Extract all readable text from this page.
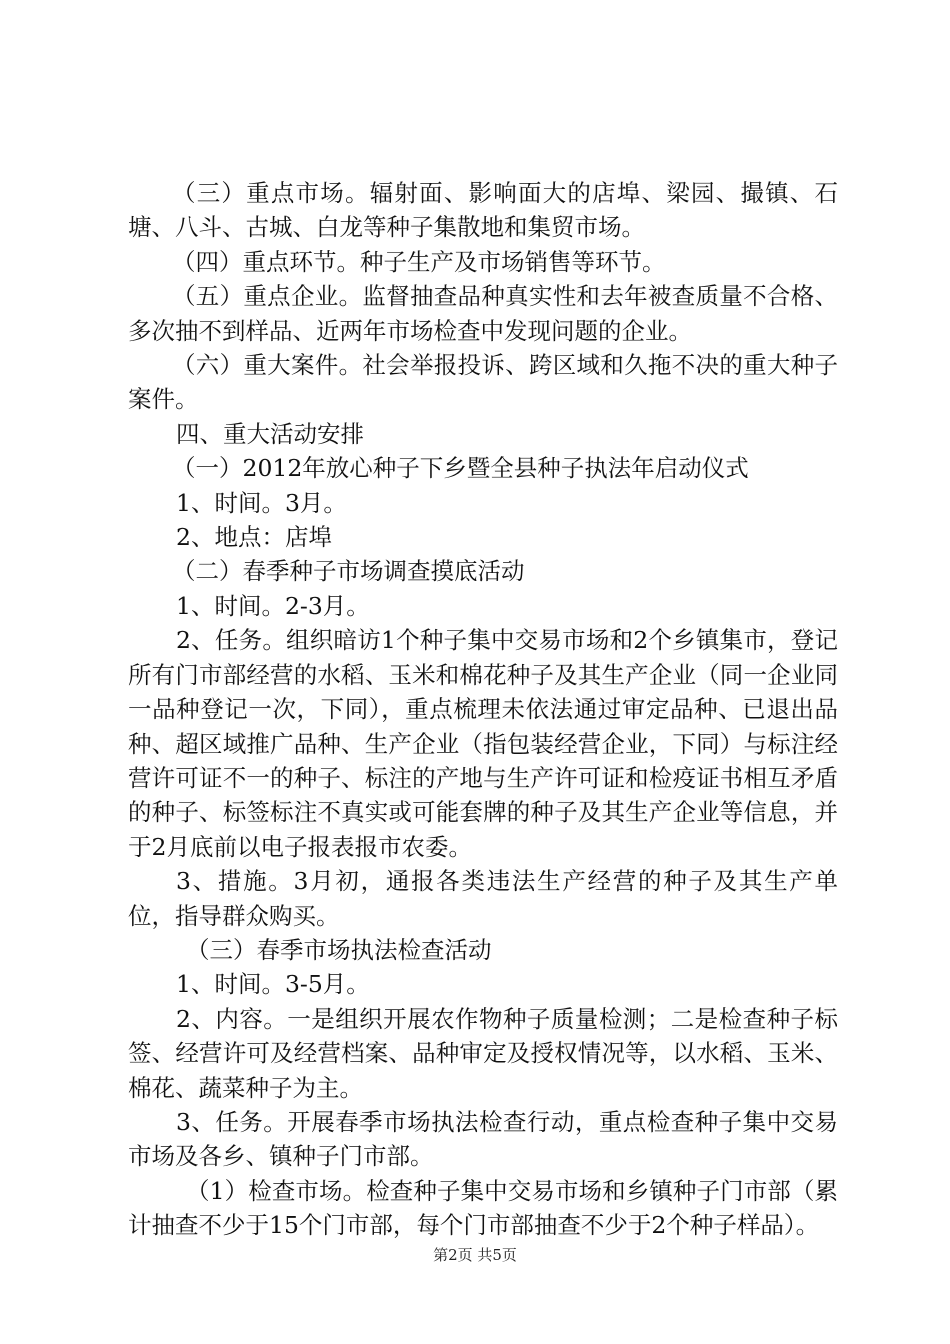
（三）重点市场。辐射面、影响面大的店埠、梁园、撮镇、石塘、八斗、古城、白龙等种子集散地和集贸市场。

（四）重点环节。种子生产及市场销售等环节。

（五）重点企业。监督抽查品种真实性和去年被查质量不合格、多次抽不到样品、近两年市场检查中发现问题的企业。

（六）重大案件。社会举报投诉、跨区域和久拖不决的重大种子案件。

四、重大活动安排

（一）2012年放心种子下乡暨全县种子执法年启动仪式

1、时间。3月。

2、地点：店埠

（二）春季种子市场调查摸底活动

1、时间。2-3月。

2、任务。组织暗访1个种子集中交易市场和2个乡镇集市，登记所有门市部经营的水稻、玉米和棉花种子及其生产企业（同一企业同一品种登记一次，下同），重点梳理未依法通过审定品种、已退出品种、超区域推广品种、生产企业（指包装经营企业，下同）与标注经营许可证不一的种子、标注的产地与生产许可证和检疫证书相互矛盾的种子、标签标注不真实或可能套牌的种子及其生产企业等信息，并于2月底前以电子报表报市农委。

3、措施。3月初，通报各类违法生产经营的种子及其生产单位，指导群众购买。

（三）春季市场执法检查活动

1、时间。3-5月。

2、内容。一是组织开展农作物种子质量检测；二是检查种子标签、经营许可及经营档案、品种审定及授权情况等，以水稻、玉米、棉花、蔬菜种子为主。

3、任务。开展春季市场执法检查行动，重点检查种子集中交易市场及各乡、镇种子门市部。

（1）检查市场。检查种子集中交易市场和乡镇种子门市部（累计抽查不少于15个门市部，每个门市部抽查不少于2个种子样品）。

第2页 共5页
